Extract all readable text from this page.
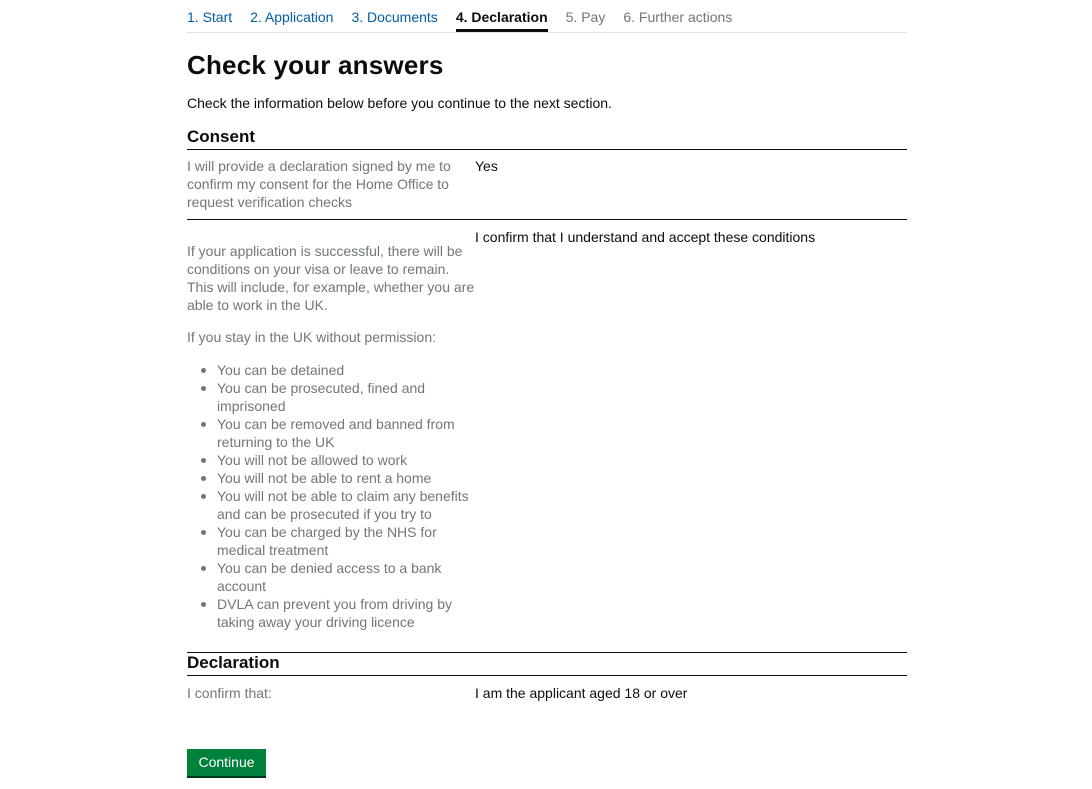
1. Start 2. Application 3. Documents 4. Declaration 5. Pay 6. Further actions
Check your answers

Check the information below before you continue to the next section.

Consent
I will provide a declaration signed by me to confirm my consent for the Home Office to request verification checks
Yes

If your application is successful, there will be conditions on your visa or leave to remain. This will include, for example, whether you are able to work in the UK.

If you stay in the UK without permission:

You can be detained
You can be prosecuted, fined and imprisoned
You can be removed and banned from returning to the UK
You will not be allowed to work
You will not be able to rent a home
You will not be able to claim any benefits and can be prosecuted if you try to
You can be charged by the NHS for medical treatment
You can be denied access to a bank account
DVLA can prevent you from driving by taking away your driving licence
I confirm that I understand and accept these conditions
Declaration
I confirm that:	I am the applicant aged 18 or over
Continue
